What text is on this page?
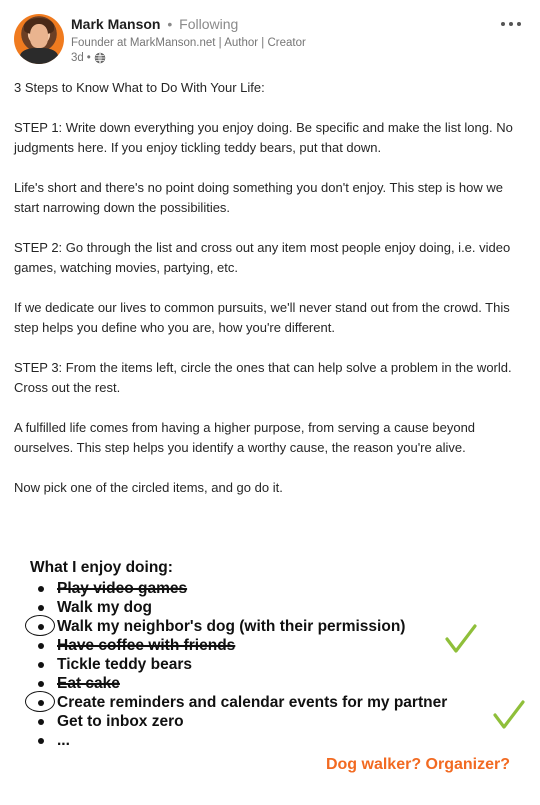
Mark Manson • Following
Founder at MarkManson.net | Author | Creator
3d •

3 Steps to Know What to Do With Your Life:

STEP 1: Write down everything you enjoy doing. Be specific and make the list long. No judgments here. If you enjoy tickling teddy bears, put that down.

Life's short and there's no point doing something you don't enjoy. This step is how we start narrowing down the possibilities.

STEP 2: Go through the list and cross out any item most people enjoy doing, i.e. video games, watching movies, partying, etc.

If we dedicate our lives to common pursuits, we'll never stand out from the crowd. This step helps you define who you are, how you're different.

STEP 3: From the items left, circle the ones that can help solve a problem in the world. Cross out the rest.

A fulfilled life comes from having a higher purpose, from serving a cause beyond ourselves. This step helps you identify a worthy cause, the reason you're alive.

Now pick one of the circled items, and go do it.

What I enjoy doing:
Play video games
Walk my dog
Walk my neighbor's dog (with their permission)
Have coffee with friends
Tickle teddy bears
Eat cake
Create reminders and calendar events for my partner
Get to inbox zero
...
Dog walker? Organizer?
